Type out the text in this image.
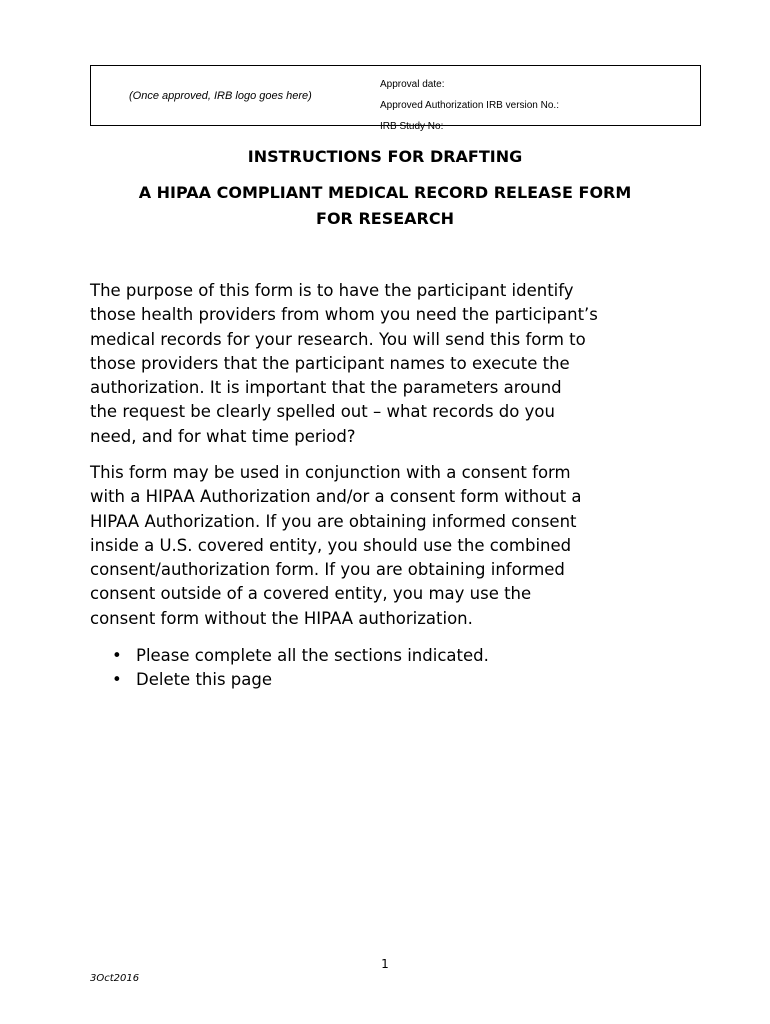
(Once approved, IRB logo goes here)
Approval date:
Approved Authorization IRB version No.:
IRB Study No:
INSTRUCTIONS FOR DRAFTING
A HIPAA COMPLIANT MEDICAL RECORD RELEASE FORM
FOR RESEARCH
The purpose of this form is to have the participant identify
those health providers from whom you need the participant’s
medical records for your research. You will send this form to
those providers that the participant names to execute the
authorization. It is important that the parameters around
the request be clearly spelled out – what records do you
need, and for what time period?
This form may be used in conjunction with a consent form
with a HIPAA Authorization and/or a consent form without a
HIPAA Authorization. If you are obtaining informed consent
inside a U.S. covered entity, you should use the combined
consent/authorization form. If you are obtaining informed
consent outside of a covered entity, you may use the
consent form without the HIPAA authorization.
• Please complete all the sections indicated.
• Delete this page
1
3Oct2016
